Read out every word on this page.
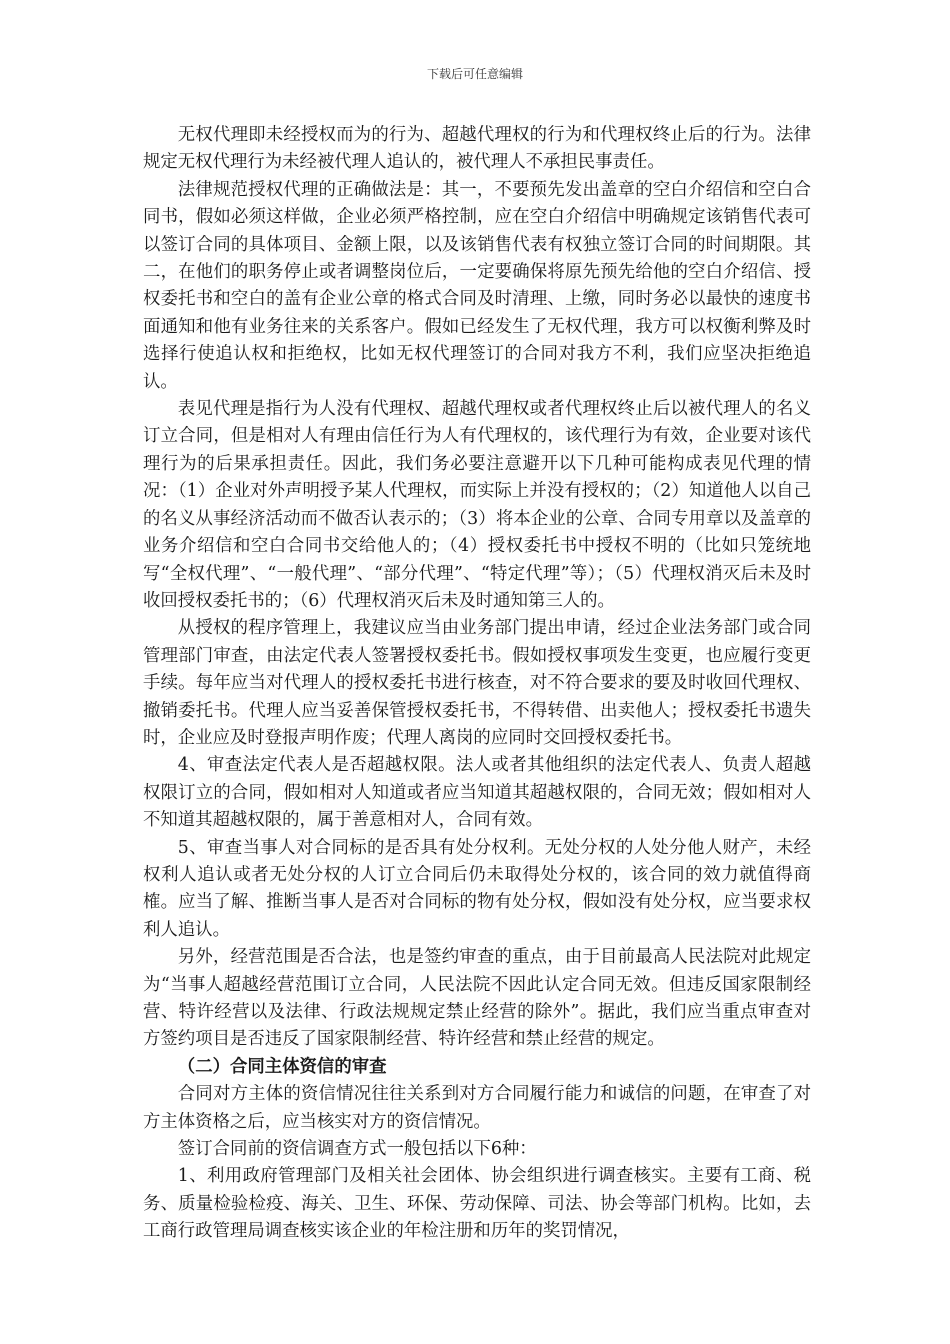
下载后可任意编辑

无权代理即未经授权而为的行为、超越代理权的行为和代理权终止后的行为。法律规定无权代理行为未经被代理人追认的，被代理人不承担民事责任。

法律规范授权代理的正确做法是：其一，不要预先发出盖章的空白介绍信和空白合同书，假如必须这样做，企业必须严格控制，应在空白介绍信中明确规定该销售代表可以签订合同的具体项目、金额上限，以及该销售代表有权独立签订合同的时间期限。其二，在他们的职务停止或者调整岗位后，一定要确保将原先预先给他的空白介绍信、授权委托书和空白的盖有企业公章的格式合同及时清理、上缴，同时务必以最快的速度书面通知和他有业务往来的关系客户。假如已经发生了无权代理，我方可以权衡利弊及时选择行使追认权和拒绝权，比如无权代理签订的合同对我方不利，我们应坚决拒绝追认。

表见代理是指行为人没有代理权、超越代理权或者代理权终止后以被代理人的名义订立合同，但是相对人有理由信任行为人有代理权的，该代理行为有效，企业要对该代理行为的后果承担责任。因此，我们务必要注意避开以下几种可能构成表见代理的情况：（1）企业对外声明授予某人代理权，而实际上并没有授权的；（2）知道他人以自己的名义从事经济活动而不做否认表示的；（3）将本企业的公章、合同专用章以及盖章的业务介绍信和空白合同书交给他人的；（4）授权委托书中授权不明的（比如只笼统地写“全权代理”、“一般代理”、“部分代理”、“特定代理”等）；（5）代理权消灭后未及时收回授权委托书的；（6）代理权消灭后未及时通知第三人的。

从授权的程序管理上，我建议应当由业务部门提出申请，经过企业法务部门或合同管理部门审查，由法定代表人签署授权委托书。假如授权事项发生变更，也应履行变更手续。每年应当对代理人的授权委托书进行核查，对不符合要求的要及时收回代理权、撤销委托书。代理人应当妥善保管授权委托书，不得转借、出卖他人；授权委托书遗失时，企业应及时登报声明作废；代理人离岗的应同时交回授权委托书。

4、审查法定代表人是否超越权限。法人或者其他组织的法定代表人、负责人超越权限订立的合同，假如相对人知道或者应当知道其超越权限的，合同无效；假如相对人不知道其超越权限的，属于善意相对人，合同有效。

5、审查当事人对合同标的是否具有处分权利。无处分权的人处分他人财产，未经权利人追认或者无处分权的人订立合同后仍未取得处分权的，该合同的效力就值得商榷。应当了解、推断当事人是否对合同标的物有处分权，假如没有处分权，应当要求权利人追认。

另外，经营范围是否合法，也是签约审查的重点，由于目前最高人民法院对此规定为“当事人超越经营范围订立合同，人民法院不因此认定合同无效。但违反国家限制经营、特许经营以及法律、行政法规规定禁止经营的除外”。据此，我们应当重点审查对方签约项目是否违反了国家限制经营、特许经营和禁止经营的规定。

（二）合同主体资信的审查

合同对方主体的资信情况往往关系到对方合同履行能力和诚信的问题，在审查了对方主体资格之后，应当核实对方的资信情况。

签订合同前的资信调查方式一般包括以下6种：

1、利用政府管理部门及相关社会团体、协会组织进行调查核实。主要有工商、税务、质量检验检疫、海关、卫生、环保、劳动保障、司法、协会等部门机构。比如，去工商行政管理局调查核实该企业的年检注册和历年的奖罚情况，
